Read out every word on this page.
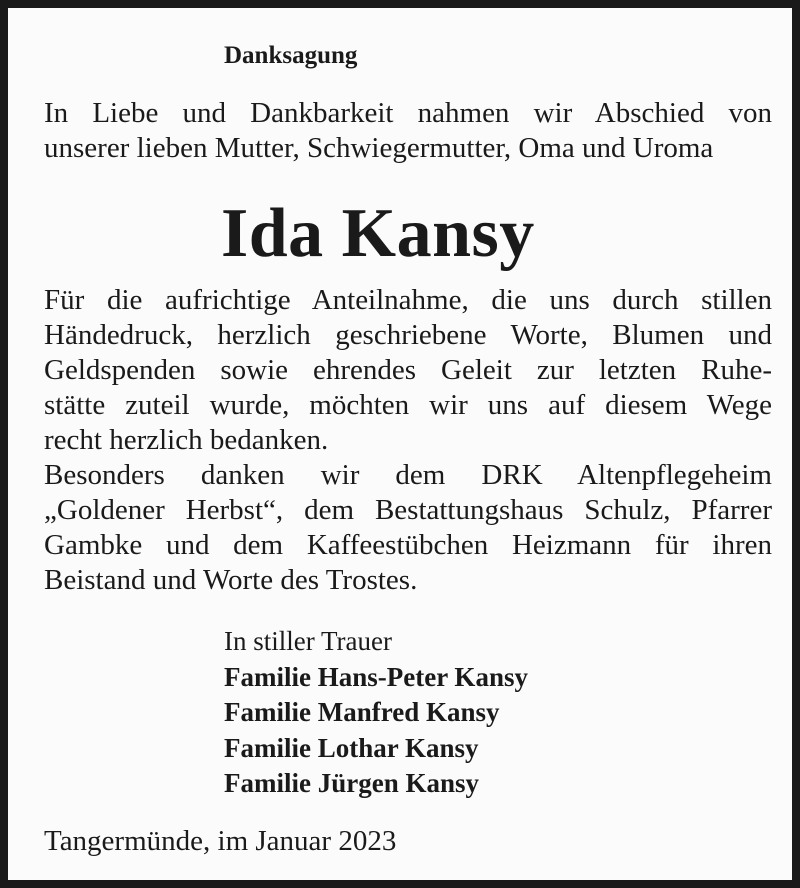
Danksagung
In Liebe und Dankbarkeit nahmen wir Abschied von
unserer lieben Mutter, Schwiegermutter, Oma und Uroma
Ida Kansy
Für die aufrichtige Anteilnahme, die uns durch stillen
Händedruck, herzlich geschriebene Worte, Blumen und
Geldspenden sowie ehrendes Geleit zur letzten Ruhe-
stätte zuteil wurde, möchten wir uns auf diesem Wege
recht herzlich bedanken.
Besonders danken wir dem DRK Altenpflegeheim
„Goldener Herbst“, dem Bestattungshaus Schulz, Pfarrer
Gambke und dem Kaffeestübchen Heizmann für ihren
Beistand und Worte des Trostes.
In stiller Trauer
Familie Hans-Peter Kansy
Familie Manfred Kansy
Familie Lothar Kansy
Familie Jürgen Kansy
Tangermünde, im Januar 2023
